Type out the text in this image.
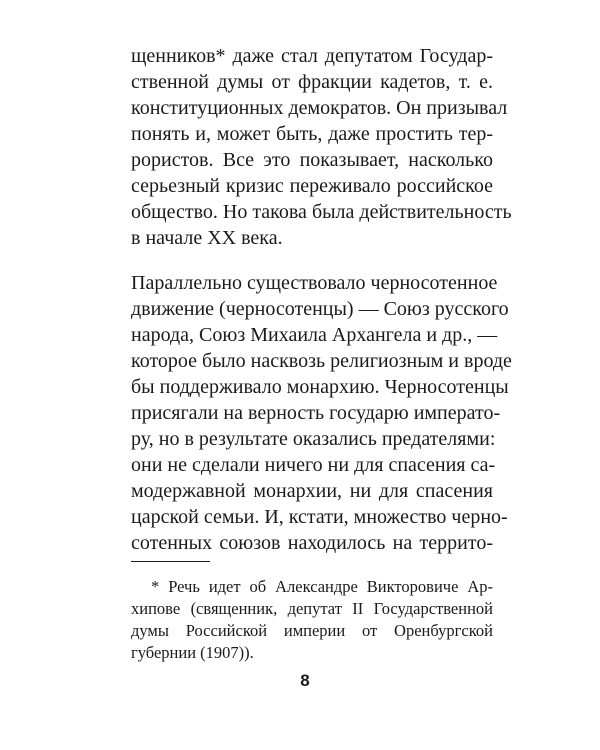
щенников* даже стал депутатом Государ-
ственной думы от фракции кадетов, т. е.
конституционных демократов. Он призывал
понять и, может быть, даже простить тер-
рористов. Все это показывает, насколько
серьезный кризис переживало российское
общество. Но такова была действительность
в начале XX века.
Параллельно существовало черносотенное
движение (черносотенцы) — Союз русского
народа, Союз Михаила Архангела и др., —
которое было насквозь религиозным и вроде
бы поддерживало монархию. Черносотенцы
присягали на верность государю императо-
ру, но в результате оказались предателями:
они не сделали ничего ни для спасения са-
модержавной монархии, ни для спасения
царской семьи. И, кстати, множество черно-
сотенных союзов находилось на террито-
* Речь идет об Александре Викторовиче Ар-
хипове (священник, депутат II Государственной
думы Российской империи от Оренбургской
губернии (1907)).
8
